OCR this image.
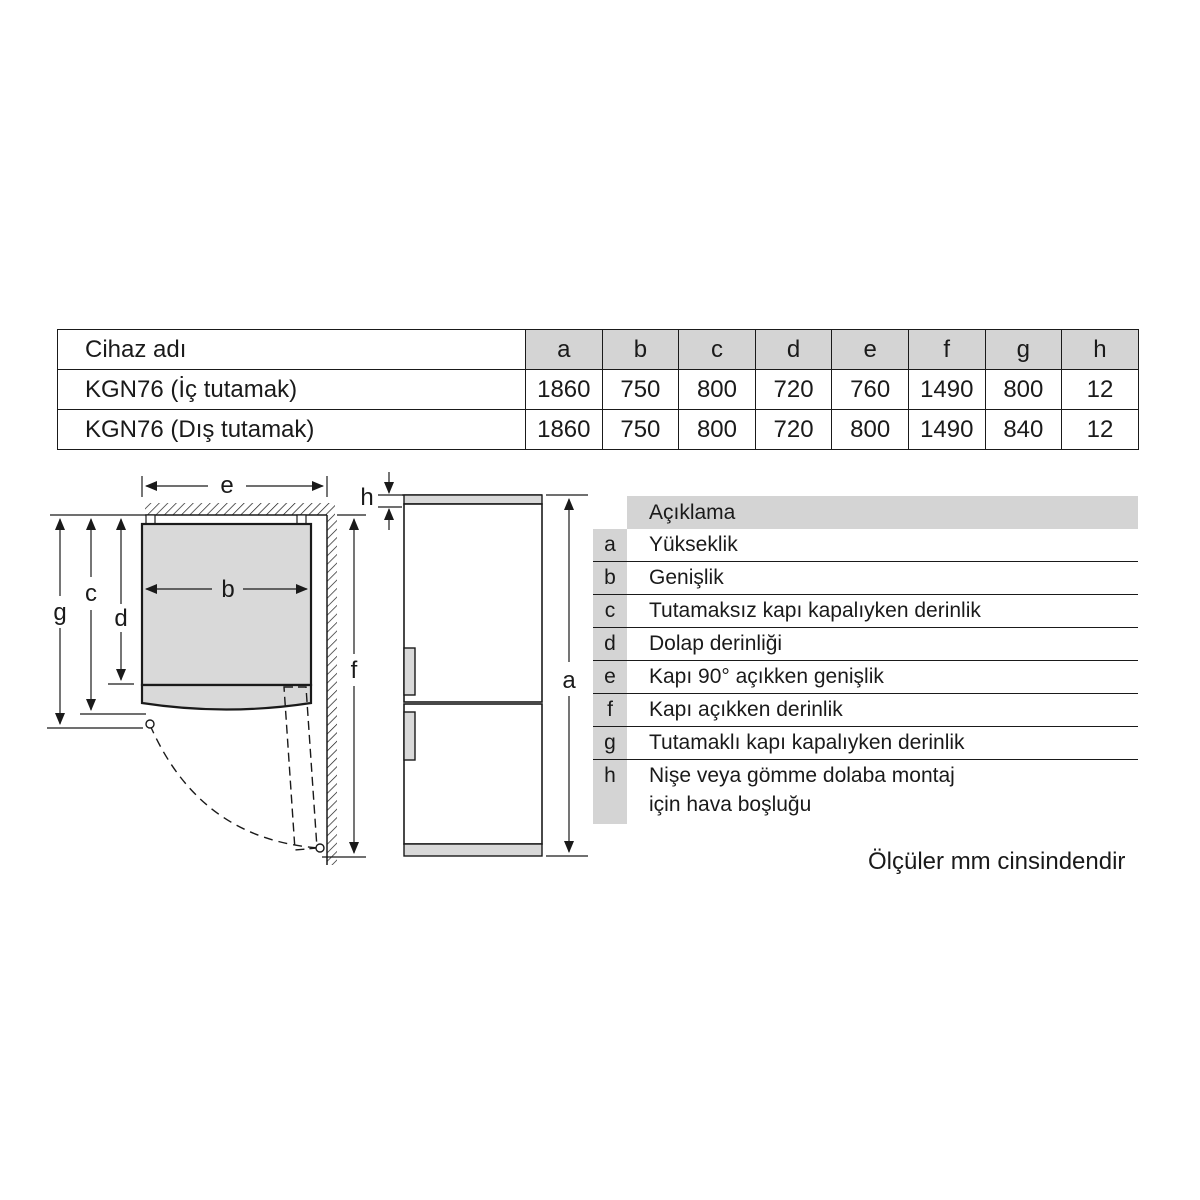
Cihaz adı	a	b	c	d	e	f	g	h
KGN76 (İç tutamak)	1860	750	800	720	760	1490	800	12
KGN76 (Dış tutamak)	1860	750	800	720	800	1490	840	12
e
b
g
c
d
f
h
a
Açıklama
a	Yükseklik
b	Genişlik
c	Tutamaksız kapı kapalıyken derinlik
d	Dolap derinliği
e	Kapı 90° açıkken genişlik
f	Kapı açıkken derinlik
g	Tutamaklı kapı kapalıyken derinlik
h	Nişe veya gömme dolaba montaj
için hava boşluğu
Ölçüler mm cinsindendir
